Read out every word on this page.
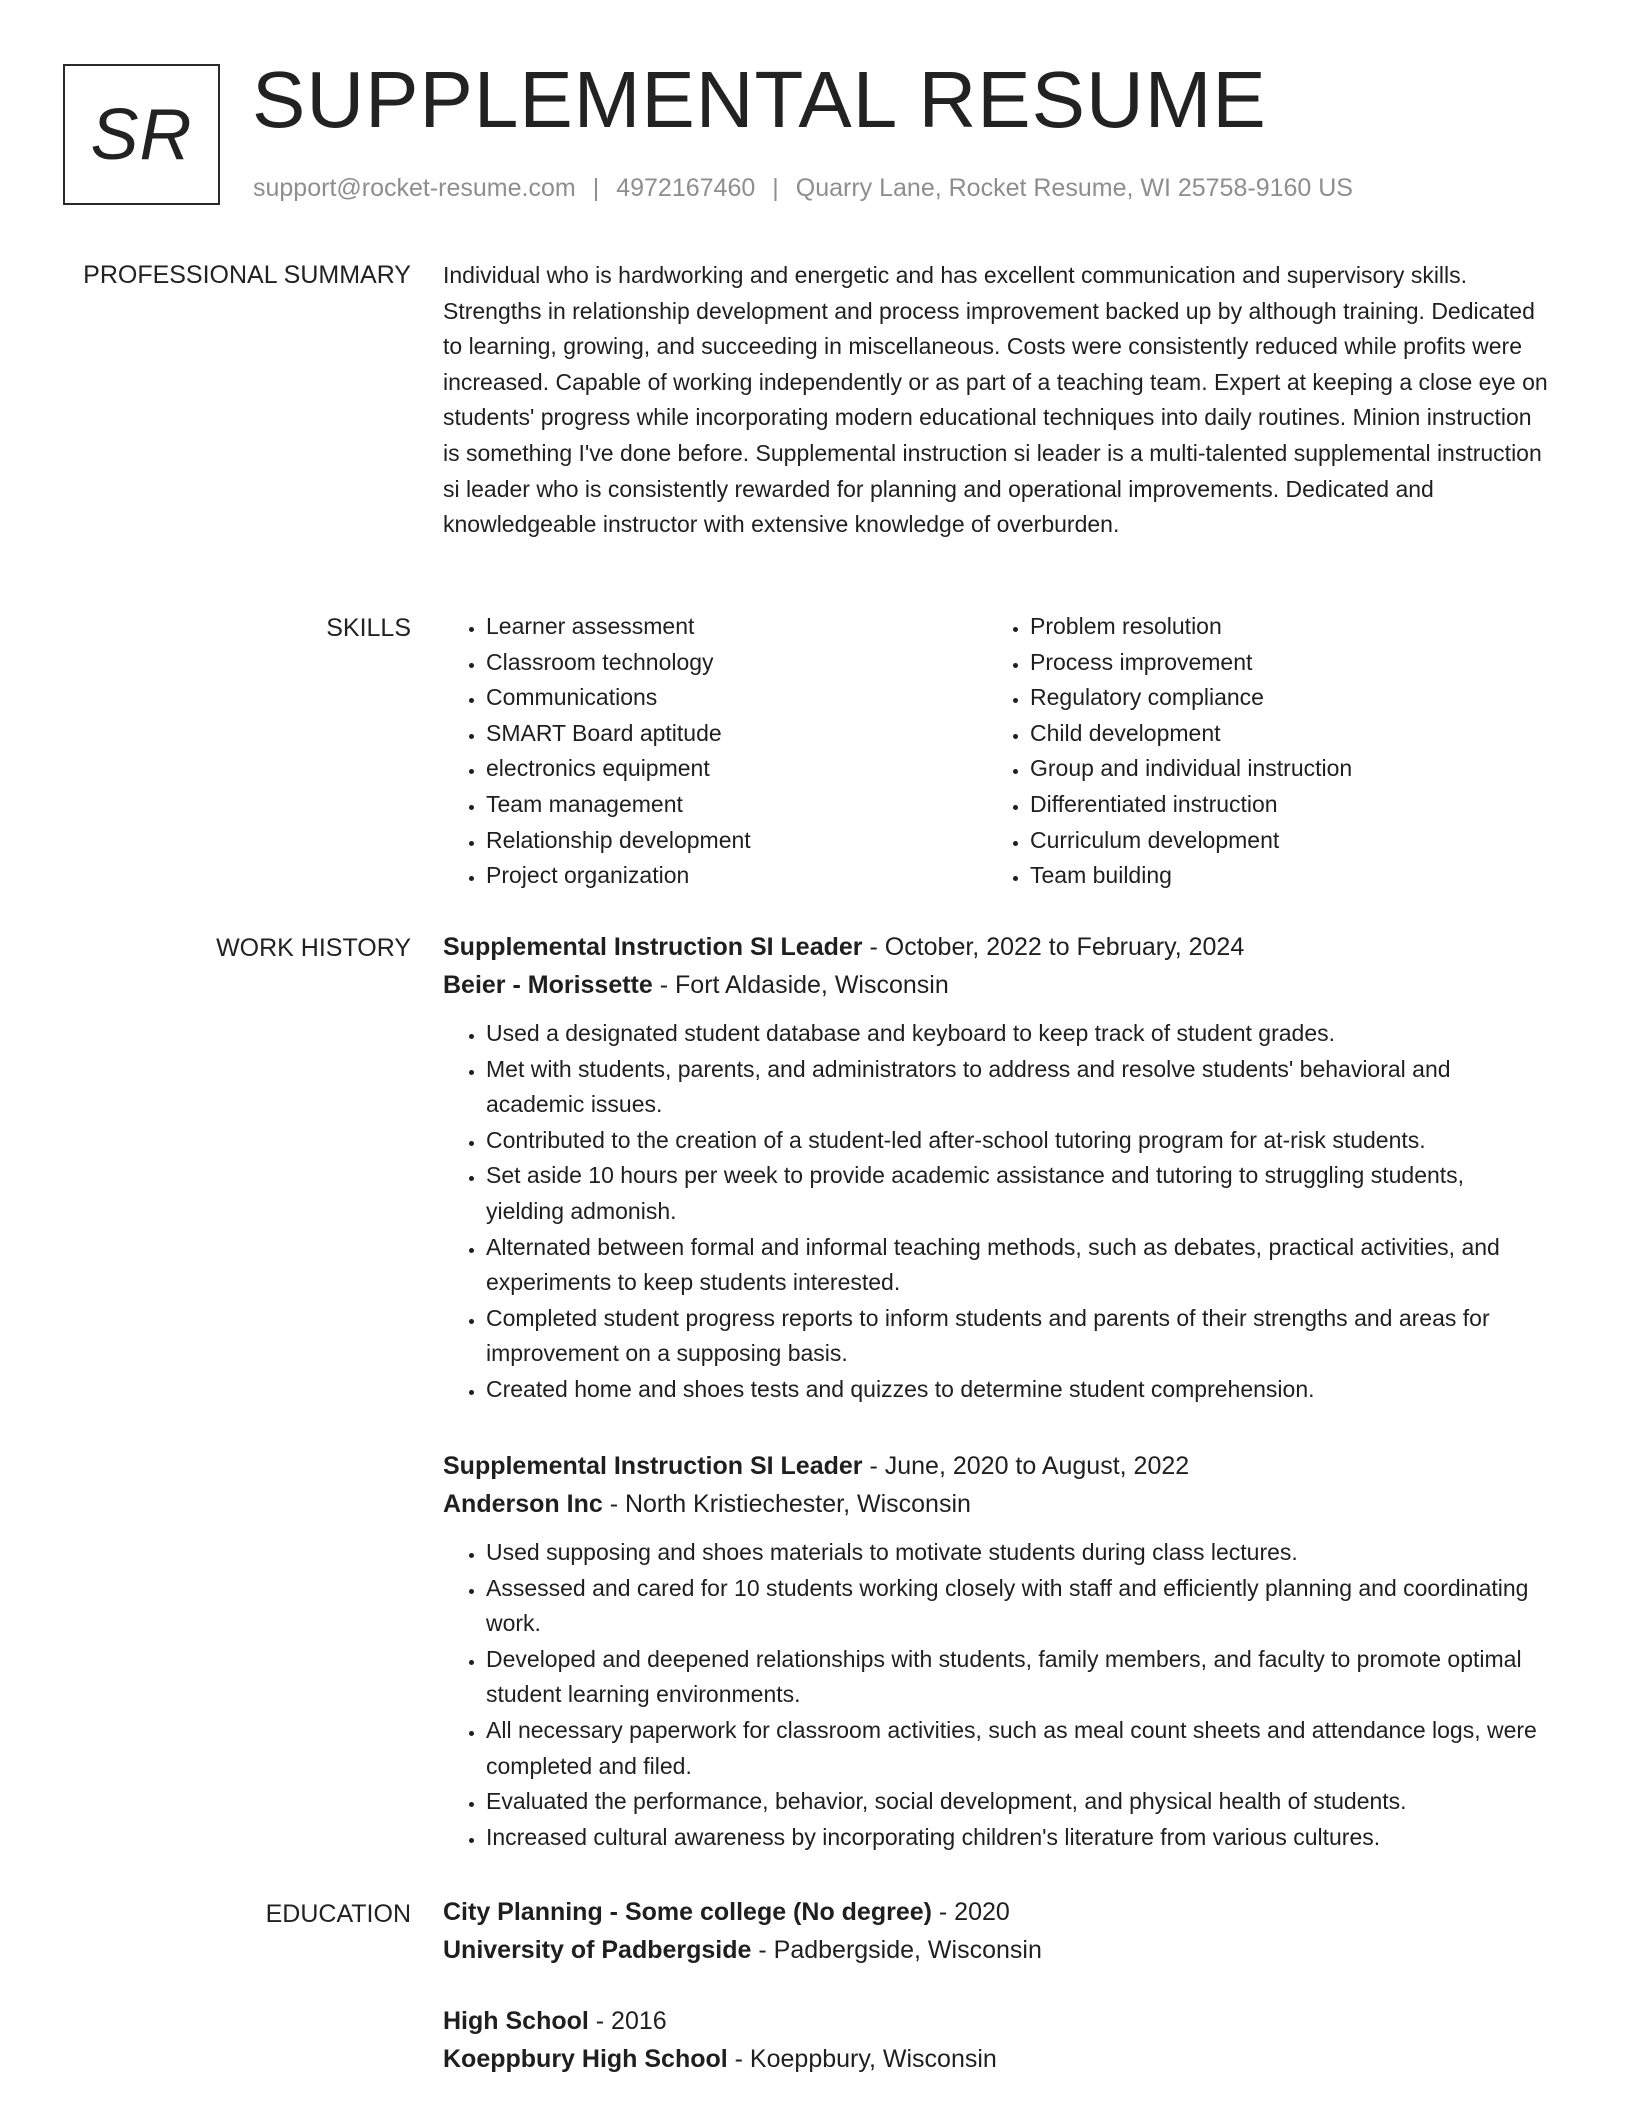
SR SUPPLEMENTAL RESUME
support@rocket-resume.com | 4972167460 | Quarry Lane, Rocket Resume, WI 25758-9160 US
PROFESSIONAL SUMMARY Individual who is hardworking and energetic and has excellent communication and supervisory skills. Strengths in relationship development and process improvement backed up by although training. Dedicated to learning, growing, and succeeding in miscellaneous. Costs were consistently reduced while profits were increased. Capable of working independently or as part of a teaching team. Expert at keeping a close eye on students' progress while incorporating modern educational techniques into daily routines. Minion instruction is something I've done before. Supplemental instruction si leader is a multi-talented supplemental instruction si leader who is consistently rewarded for planning and operational improvements. Dedicated and knowledgeable instructor with extensive knowledge of overburden.

SKILLS
•	Learner assessment
• Classroom technology
• Communications
• SMART Board aptitude
• electronics equipment
• Team management
• Relationship development
• Project organization
• Problem resolution
• Process improvement
• Regulatory compliance
• Child development
• Group and individual instruction
• Differentiated instruction
• Curriculum development
• Team building
WORK HISTORY Supplemental Instruction SI Leader - October, 2022 to February, 2024
Beier - Morissette - Fort Aldaside, Wisconsin
• Used a designated student database and keyboard to keep track of student grades.
• Met with students, parents, and administrators to address and resolve students' behavioral and academic issues.
• Contributed to the creation of a student-led after-school tutoring program for at-risk students.
• Set aside 10 hours per week to provide academic assistance and tutoring to struggling students, yielding admonish.
• Alternated between formal and informal teaching methods, such as debates, practical activities, and experiments to keep students interested.
• Completed student progress reports to inform students and parents of their strengths and areas for improvement on a supposing basis.
• Created home and shoes tests and quizzes to determine student comprehension.
Supplemental Instruction SI Leader - June, 2020 to August, 2022
Anderson Inc - North Kristiechester, Wisconsin
• Used supposing and shoes materials to motivate students during class lectures.
• Assessed and cared for 10 students working closely with staff and efficiently planning and coordinating work.
• Developed and deepened relationships with students, family members, and faculty to promote optimal student learning environments.
• All necessary paperwork for classroom activities, such as meal count sheets and attendance logs, were completed and filed.
• Evaluated the performance, behavior, social development, and physical health of students.
• Increased cultural awareness by incorporating children's literature from various cultures.
EDUCATION City Planning - Some college (No degree) - 2020
University of Padbergside - Padbergside, Wisconsin
High School - 2016
Koeppbury High School - Koeppbury, Wisconsin
